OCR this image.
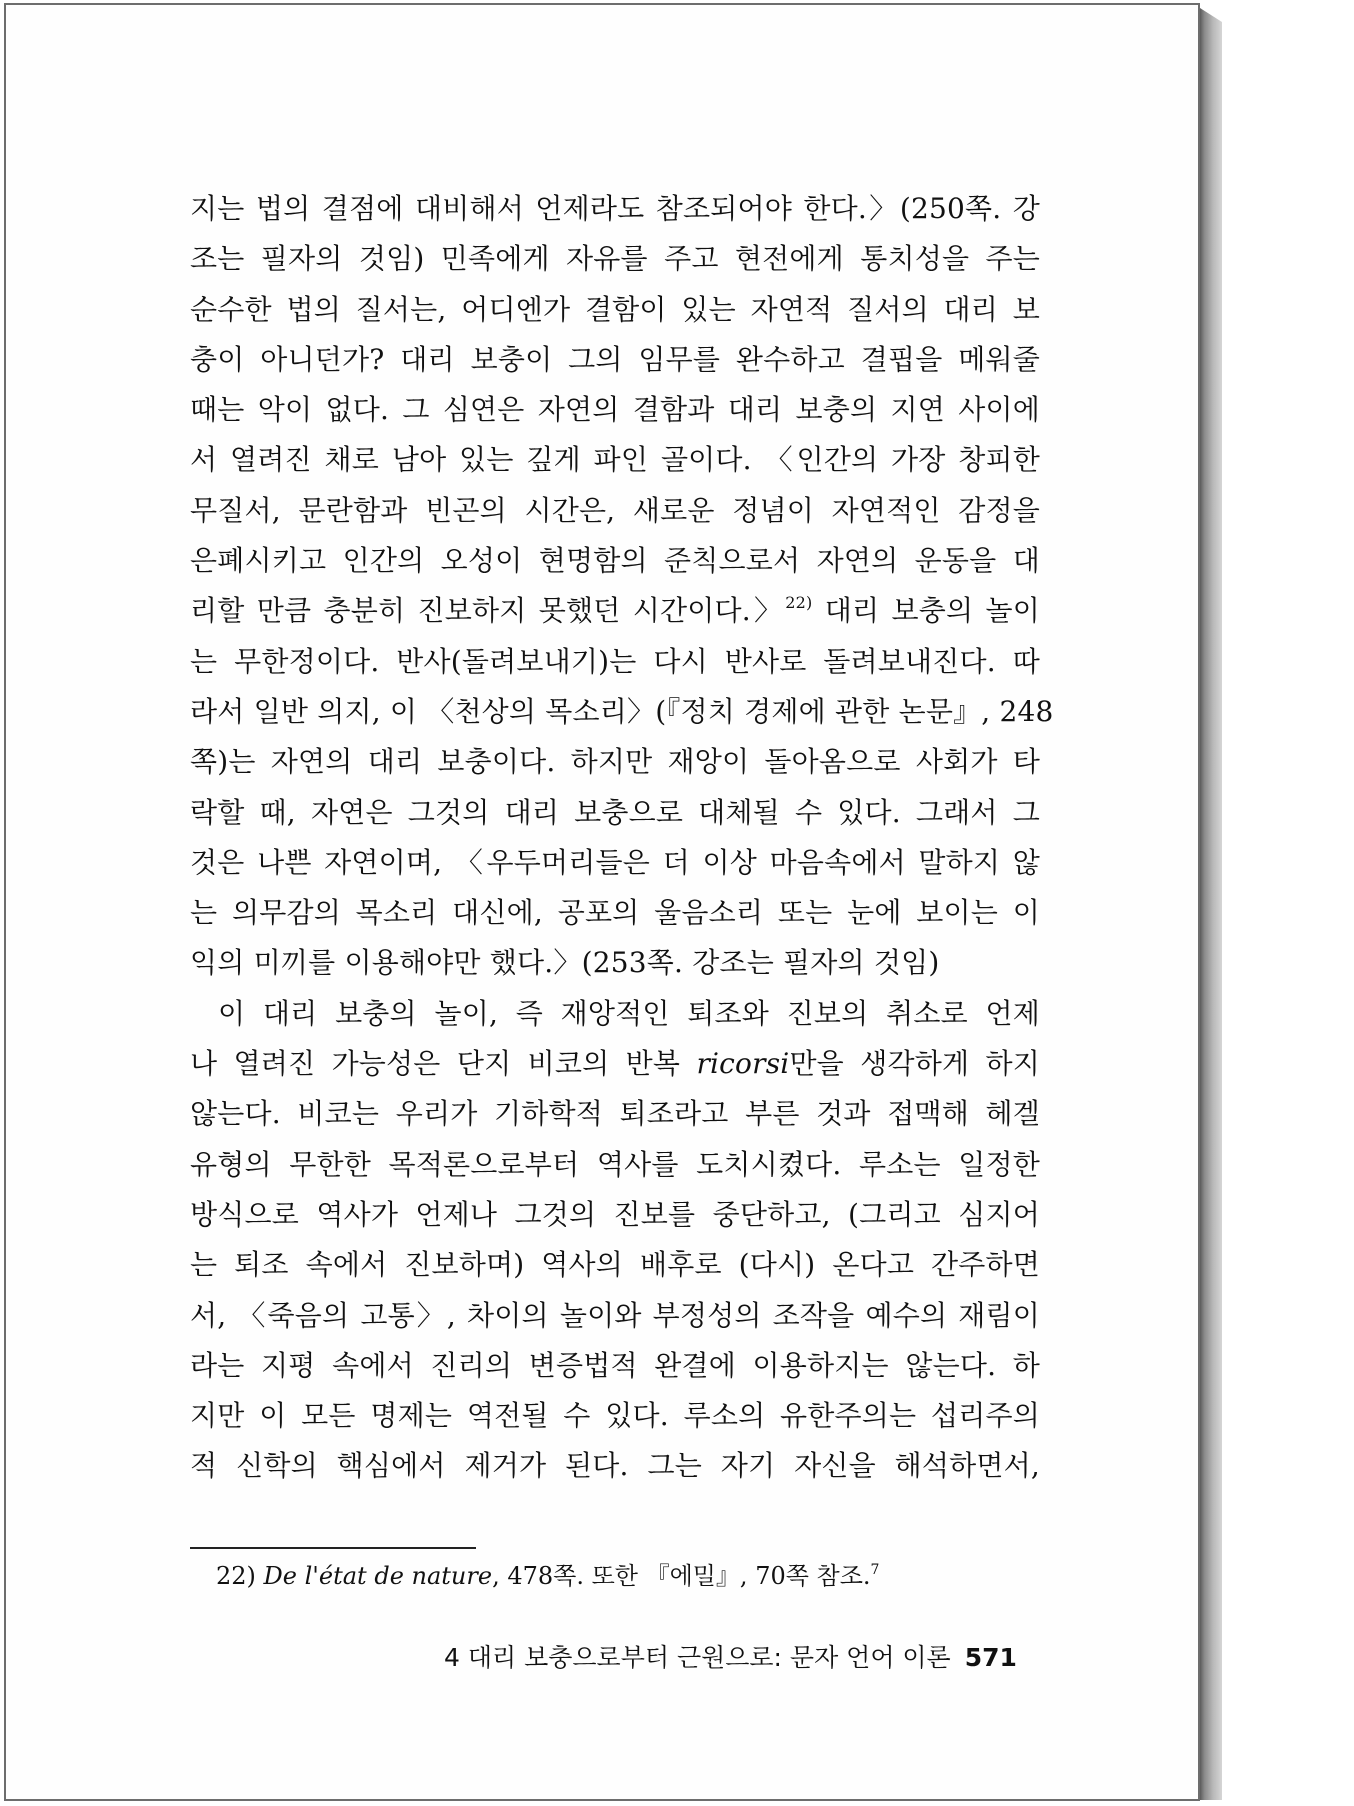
지는 법의 결점에 대비해서 언제라도 참조되어야 한다.〉(250쪽. 강
조는 필자의 것임) 민족에게 자유를 주고 현전에게 통치성을 주는
순수한 법의 질서는, 어디엔가 결함이 있는 자연적 질서의 대리 보
충이 아니던가? 대리 보충이 그의 임무를 완수하고 결핍을 메워줄
때는 악이 없다. 그 심연은 자연의 결함과 대리 보충의 지연 사이에
서 열려진 채로 남아 있는 깊게 파인 골이다. 〈인간의 가장 창피한
무질서, 문란함과 빈곤의 시간은, 새로운 정념이 자연적인 감정을
은폐시키고 인간의 오성이 현명함의 준칙으로서 자연의 운동을 대
리할 만큼 충분히 진보하지 못했던 시간이다.〉$^{22)}$ 대리 보충의 놀이
는 무한정이다. 반사(돌려보내기)는 다시 반사로 돌려보내진다. 따
라서 일반 의지, 이 〈천상의 목소리〉(『정치 경제에 관한 논문』, 248
쪽)는 자연의 대리 보충이다. 하지만 재앙이 돌아옴으로 사회가 타
락할 때, 자연은 그것의 대리 보충으로 대체될 수 있다. 그래서 그
것은 나쁜 자연이며, 〈우두머리들은 더 이상 마음속에서 말하지 않
는 의무감의 목소리 대신에, 공포의 울음소리 또는 눈에 보이는 이
익의 미끼를 이용해야만 했다.〉(253쪽. 강조는 필자의 것임)
이 대리 보충의 놀이, 즉 재앙적인 퇴조와 진보의 취소로 언제
나 열려진 가능성은 단지 비코의 반복 ricorsi만을 생각하게 하지
않는다. 비코는 우리가 기하학적 퇴조라고 부른 것과 접맥해 헤겔
유형의 무한한 목적론으로부터 역사를 도치시켰다. 루소는 일정한
방식으로 역사가 언제나 그것의 진보를 중단하고, (그리고 심지어
는 퇴조 속에서 진보하며) 역사의 배후로 (다시) 온다고 간주하면
서, 〈죽음의 고통〉, 차이의 놀이와 부정성의 조작을 예수의 재림이
라는 지평 속에서 진리의 변증법적 완결에 이용하지는 않는다. 하
지만 이 모든 명제는 역전될 수 있다. 루소의 유한주의는 섭리주의
적 신학의 핵심에서 제거가 된다. 그는 자기 자신을 해석하면서,
22) De l'état de nature, 478쪽. 또한 『에밀』, 70쪽 참조.$^7$
4 대리 보충으로부터 근원으로: 문자 언어 이론 571
